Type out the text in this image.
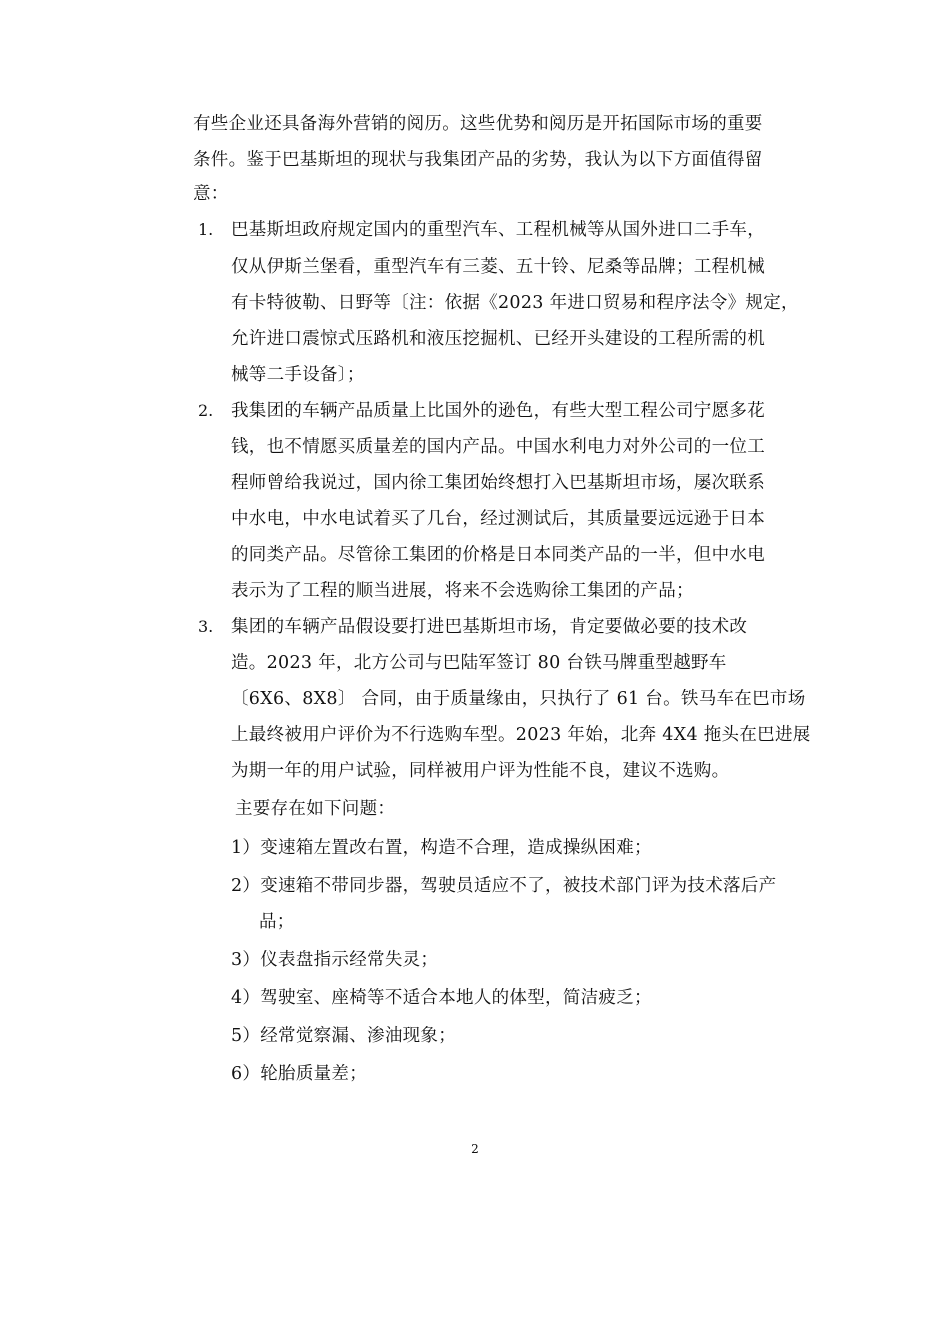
有些企业还具备海外营销的阅历。这些优势和阅历是开拓国际市场的重要
条件。鉴于巴基斯坦的现状与我集团产品的劣势，我认为以下方面值得留
意：
1. 巴基斯坦政府规定国内的重型汽车、工程机械等从国外进口二手车，
仅从伊斯兰堡看，重型汽车有三菱、五十铃、尼桑等品牌；工程机械
有卡特彼勒、日野等〔注：依据《2023 年进口贸易和程序法令》规定，
允许进口震惊式压路机和液压挖掘机、已经开头建设的工程所需的机
械等二手设备〕；
2. 我集团的车辆产品质量上比国外的逊色，有些大型工程公司宁愿多花
钱，也不情愿买质量差的国内产品。中国水利电力对外公司的一位工
程师曾给我说过，国内徐工集团始终想打入巴基斯坦市场，屡次联系
中水电，中水电试着买了几台，经过测试后，其质量要远远逊于日本
的同类产品。尽管徐工集团的价格是日本同类产品的一半，但中水电
表示为了工程的顺当进展，将来不会选购徐工集团的产品；
3. 集团的车辆产品假设要打进巴基斯坦市场，肯定要做必要的技术改
造。2023 年，北方公司与巴陆军签订 80 台铁马牌重型越野车
〔6X6、8X8〕 合同，由于质量缘由，只执行了 61 台。铁马车在巴市场
上最终被用户评价为不行选购车型。2023 年始，北奔 4X4 拖头在巴进展
为期一年的用户试验，同样被用户评为性能不良，建议不选购。
主要存在如下问题：
1）变速箱左置改右置，构造不合理，造成操纵困难；
2）变速箱不带同步器，驾驶员适应不了，被技术部门评为技术落后产
品；
3）仪表盘指示经常失灵；
4）驾驶室、座椅等不适合本地人的体型，简洁疲乏；
5）经常觉察漏、渗油现象；
6）轮胎质量差；
2
